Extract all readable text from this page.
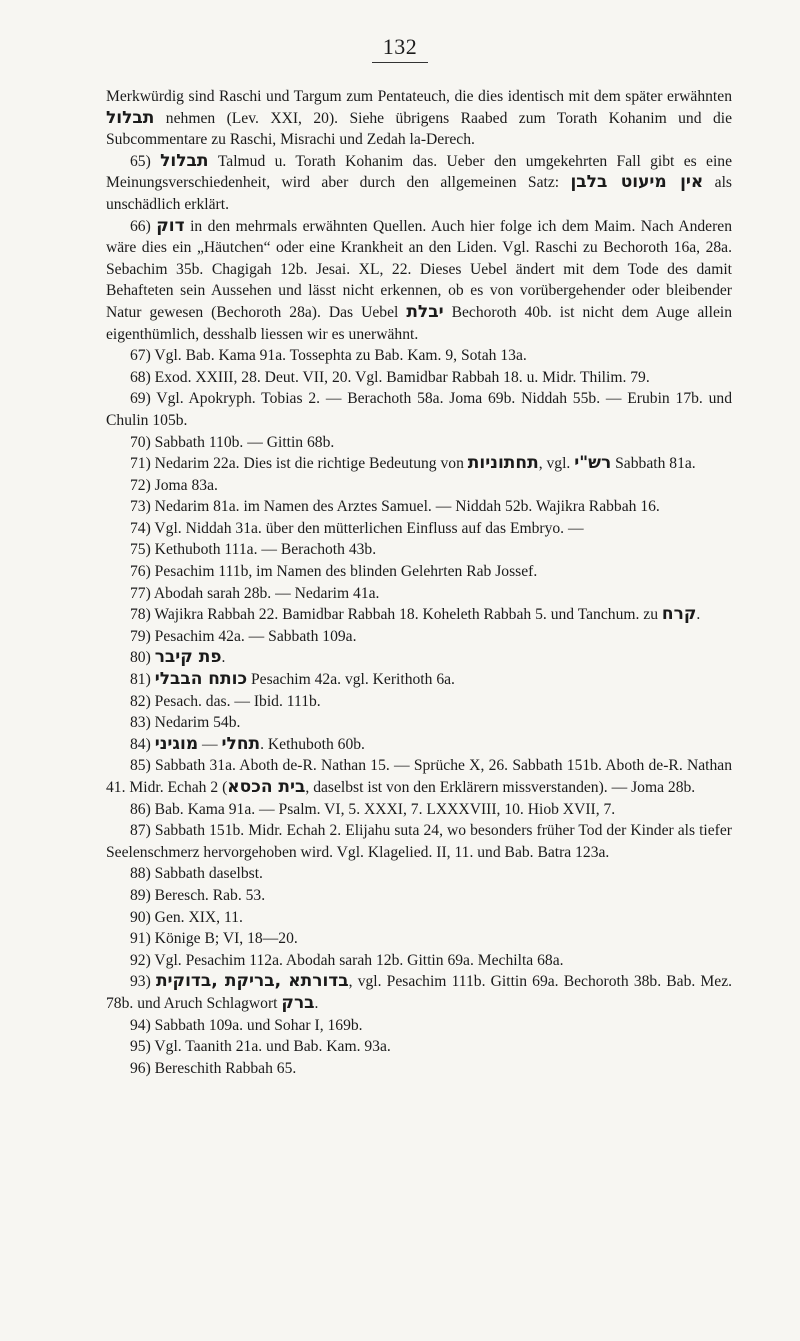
132

Merkwürdig sind Raschi und Targum zum Pentateuch, die dies identisch mit dem später erwähnten תבלול nehmen (Lev. XXI, 20). Siehe übrigens Raabed zum Torath Kohanim und die Subcommentare zu Raschi, Misrachi und Zedah la-Derech.

65) תבלול Talmud u. Torath Kohanim das. Ueber den umgekehrten Fall gibt es eine Meinungsverschiedenheit, wird aber durch den allgemeinen Satz: אין מיעוט בלבן als unschädlich erklärt.

66) דוק in den mehrmals erwähnten Quellen. Auch hier folge ich dem Maim. Nach Anderen wäre dies ein „Häutchen“ oder eine Krankheit an den Liden. Vgl. Raschi zu Bechoroth 16a, 28a. Sebachim 35b. Chagigah 12b. Jesai. XL, 22. Dieses Uebel ändert mit dem Tode des damit Behafteten sein Aussehen und lässt nicht erkennen, ob es von vorübergehender oder bleibender Natur gewesen (Bechoroth 28a). Das Uebel יבלת Bechoroth 40b. ist nicht dem Auge allein eigenthümlich, desshalb liessen wir es unerwähnt.

67) Vgl. Bab. Kama 91a. Tossephta zu Bab. Kam. 9, Sotah 13a.

68) Exod. XXIII, 28. Deut. VII, 20. Vgl. Bamidbar Rabbah 18. u. Midr. Thilim. 79.

69) Vgl. Apokryph. Tobias 2. — Berachoth 58a. Joma 69b. Niddah 55b. — Erubin 17b. und Chulin 105b.

70) Sabbath 110b. — Gittin 68b.

71) Nedarim 22a. Dies ist die richtige Bedeutung von תחתוניות, vgl. רש"י Sabbath 81a.

72) Joma 83a.

73) Nedarim 81a. im Namen des Arztes Samuel. — Niddah 52b. Wajikra Rabbah 16.

74) Vgl. Niddah 31a. über den mütterlichen Einfluss auf das Embryo. —

75) Kethuboth 111a. — Berachoth 43b.

76) Pesachim 111b, im Namen des blinden Gelehrten Rab Jossef.

77) Abodah sarah 28b. — Nedarim 41a.

78) Wajikra Rabbah 22. Bamidbar Rabbah 18. Koheleth Rabbah 5. und Tanchum. zu קרח.

79) Pesachim 42a. — Sabbath 109a.

80) פת קיבר.

81) כותח הבבלי Pesachim 42a. vgl. Kerithoth 6a.

82) Pesach. das. — Ibid. 111b.

83) Nedarim 54b.

84) מוגיני — תחלי. Kethuboth 60b.

85) Sabbath 31a. Aboth de-R. Nathan 15. — Sprüche X, 26. Sabbath 151b. Aboth de-R. Nathan 41. Midr. Echah 2 (בית הכסא, daselbst ist von den Erklärern missverstanden). — Joma 28b.

86) Bab. Kama 91a. — Psalm. VI, 5. XXXI, 7. LXXXVIII, 10. Hiob XVII, 7.

87) Sabbath 151b. Midr. Echah 2. Elijahu suta 24, wo besonders früher Tod der Kinder als tiefer Seelenschmerz hervorgehoben wird. Vgl. Klagelied. II, 11. und Bab. Batra 123a.

88) Sabbath daselbst.

89) Beresch. Rab. 53.

90) Gen. XIX, 11.

91) Könige B; VI, 18—20.

92) Vgl. Pesachim 112a. Abodah sarah 12b. Gittin 69a. Mechilta 68a.

93) בדורתא ,בריקת ,בדוקית, vgl. Pesachim 111b. Gittin 69a. Bechoroth 38b. Bab. Mez. 78b. und Aruch Schlagwort ברק.

94) Sabbath 109a. und Sohar I, 169b.

95) Vgl. Taanith 21a. und Bab. Kam. 93a.

96) Bereschith Rabbah 65.
